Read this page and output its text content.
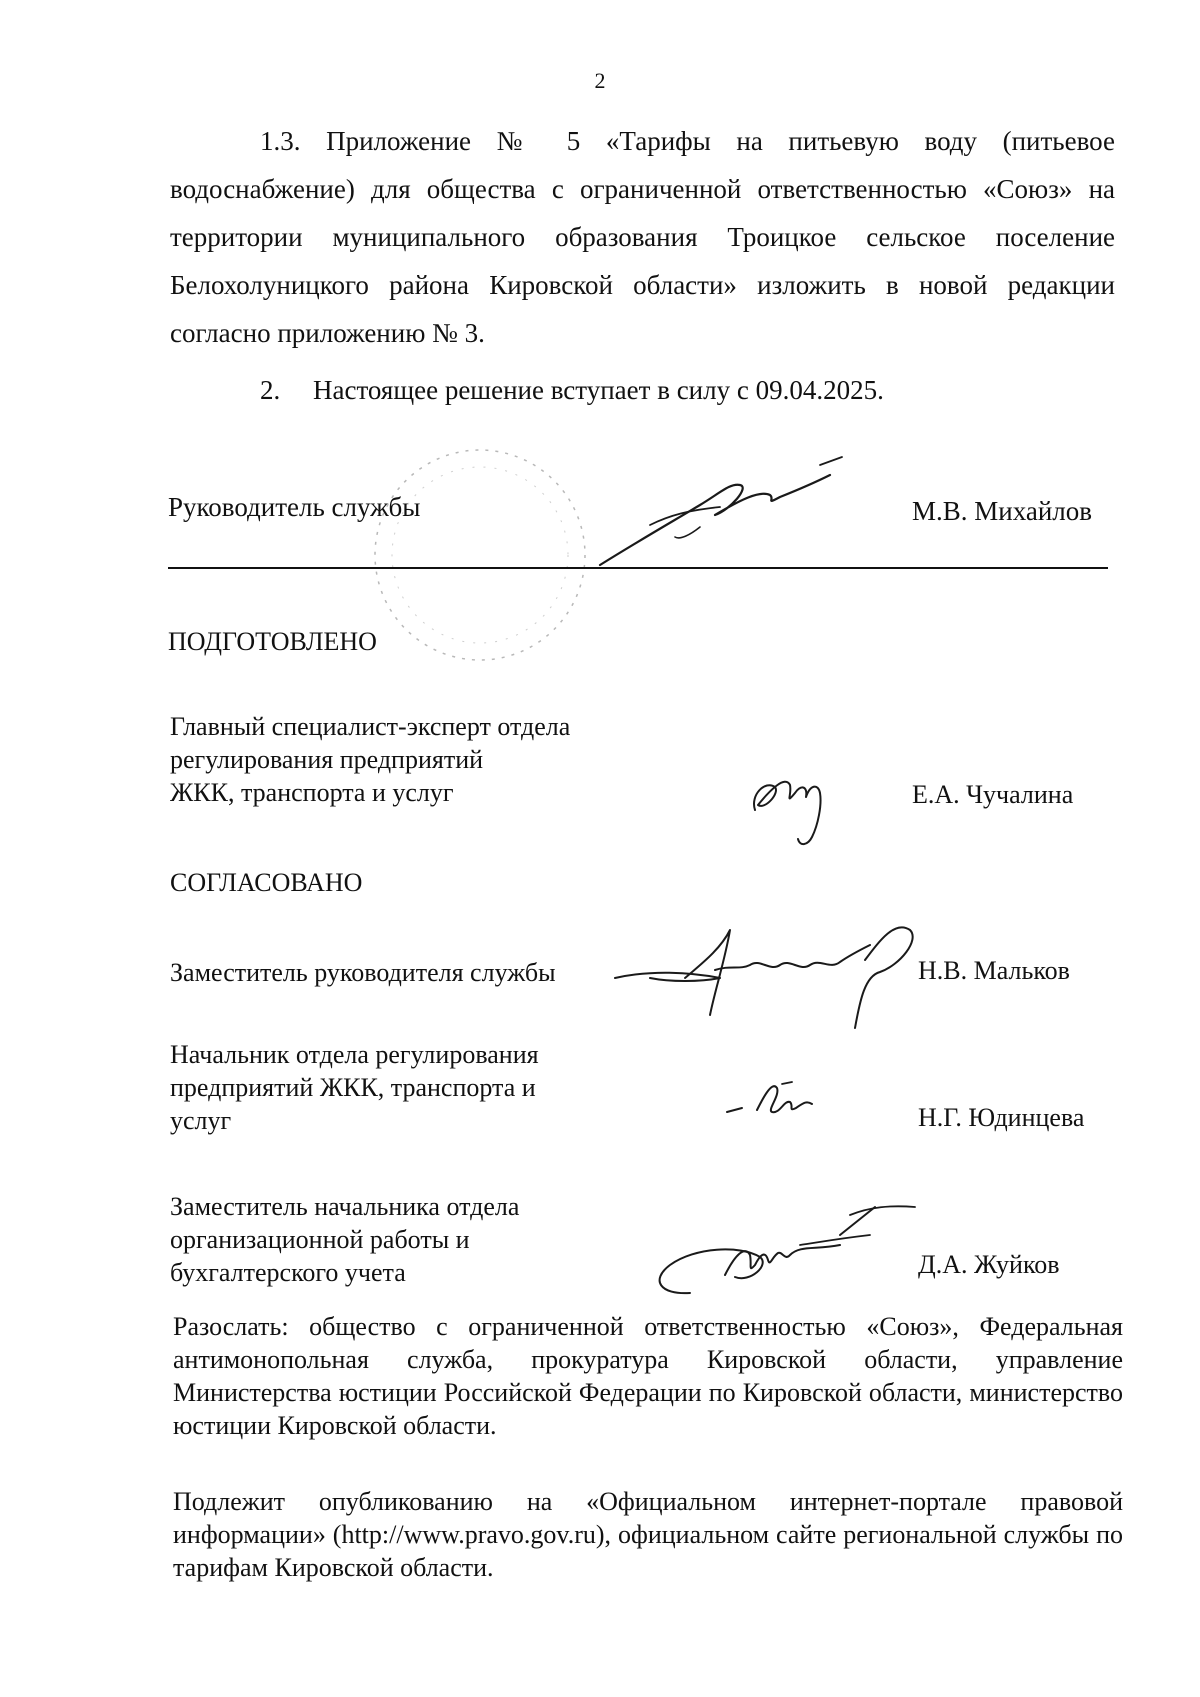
2
1.3. Приложение № 5 «Тарифы на питьевую воду (питьевое водоснабжение) для общества с ограниченной ответственностью «Союз» на территории муниципального образования Троицкое сельское поселение Белохолуницкого района Кировской области» изложить в новой редакции согласно приложению № 3.
2. Настоящее решение вступает в силу с 09.04.2025.
Руководитель службы	М.В. Михайлов
ПОДГОТОВЛЕНО
Главный специалист-эксперт отдела
регулирования предприятий
ЖКК, транспорта и услуг	Е.А. Чучалина
СОГЛАСОВАНО
Заместитель руководителя службы	Н.В. Мальков
Начальник отдела регулирования
предприятий ЖКК, транспорта и
услуг	Н.Г. Юдинцева
Заместитель начальника отдела
организационной работы и
бухгалтерского учета	Д.А. Жуйков
Разослать: общество с ограниченной ответственностью «Союз», Федеральная антимонопольная служба, прокуратура Кировской области, управление Министерства юстиции Российской Федерации по Кировской области, министерство юстиции Кировской области.
Подлежит опубликованию на «Официальном интернет-портале правовой информации» (http://www.pravo.gov.ru), официальном сайте региональной службы по тарифам Кировской области.
